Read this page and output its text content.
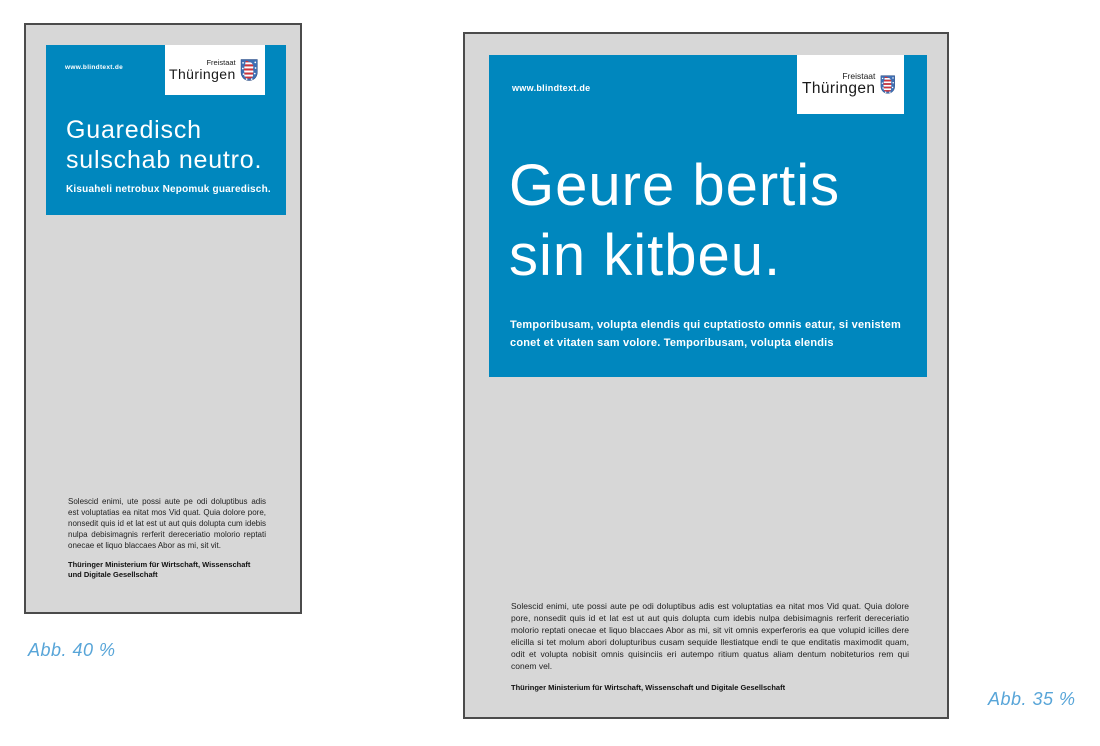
www.blindtext.de
Freistaat
Thüringen
Guaredisch
sulschab neutro.
Kisuaheli netrobux Nepomuk guaredisch.

Solescid enimi, ute possi aute pe odi doluptibus adis est voluptatias ea nitat mos Vid quat. Quia dolore pore, nonsedit quis id et lat est ut aut quis dolupta cum idebis nulpa debisimagnis rerferit dereceriatio molorio reptati onecae et liquo blaccaes Abor as mi, sit vit.

Thüringer Ministerium für Wirtschaft, Wissenschaft
und Digitale Gesellschaft

Abb. 40 %
www.blindtext.de
Freistaat
Thüringen
Geure bertis
sin kitbeu.
Temporibusam, volupta elendis qui cuptatiosto omnis eatur, si venistem
conet et vitaten sam volore. Temporibusam, volupta elendis

Solescid enimi, ute possi aute pe odi doluptibus adis est voluptatias ea nitat mos Vid quat. Quia dolore pore, nonsedit quis id et lat est ut aut quis dolupta cum idebis nulpa debisimagnis rerferit dereceriatio molorio reptati onecae et liquo blaccaes Abor as mi, sit vit omnis experferoris ea que volupid icilles dere elicilla si tet molum abori dolupturibus cusam sequide llestiatque endi te que enditatis maximodit quam, odit et volupta nobisit omnis quisinciis eri autempo ritium quatus aliam dentum nobiteturios rem qui conem vel.

Thüringer Ministerium für Wirtschaft, Wissenschaft und Digitale Gesellschaft

Abb. 35 %
